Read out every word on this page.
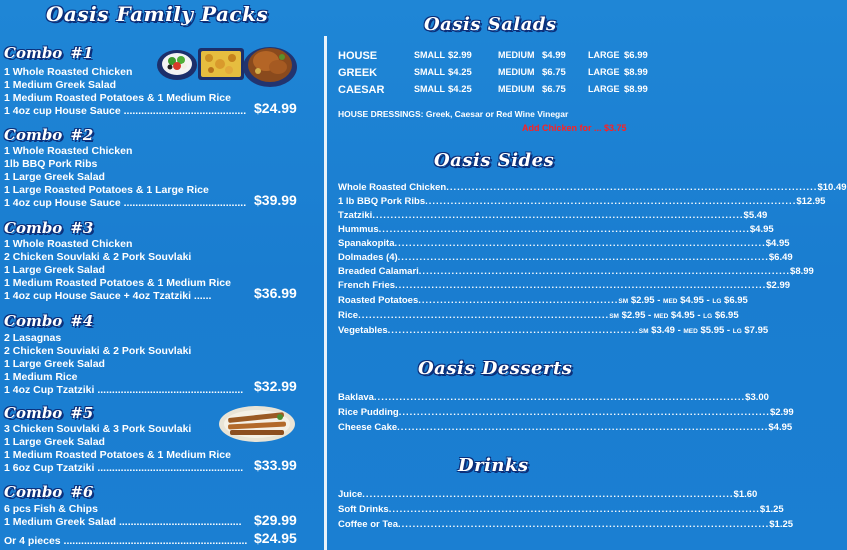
Oasis Family Packs
Combo #1
1 Whole Roasted Chicken
1 Medium Greek Salad
1 Medium Roasted Potatoes & 1 Medium Rice
1 4oz cup House Sauce .......................................... $24.99
Combo #2
1 Whole Roasted Chicken
1lb BBQ Pork Ribs
1 Large Greek Salad
1 Large Roasted Potatoes & 1 Large Rice
1 4oz cup House Sauce .......................................... $39.99
Combo #3
1 Whole Roasted Chicken
2 Chicken Souvlaki & 2 Pork Souvlaki
1 Large Greek Salad
1 Medium Roasted Potatoes & 1 Medium Rice
1 4oz cup House Sauce + 4oz Tzatziki ......	$36.99
Combo #4
2 Lasagnas
2 Chicken Souviaki & 2 Pork Souvlaki
1 Large Greek Salad
1 Medium Rice
1 4oz Cup Tzatziki .................................................. $32.99
Combo #5
3 Chicken Souvlaki & 3 Pork Souvlaki
1 Large Greek Salad
1 Medium Roasted Potatoes & 1 Medium Rice
1 6oz Cup Tzatziki .................................................. $33.99
Combo #6
6 pcs Fish & Chips
1 Medium Greek Salad .......................................... $29.99
Or 4 pieces ............................................................... $24.95
Oasis Salads
HOUSE	SMALL $2.99	MEDIUM $4.99 LARGE $6.99
GREEK	SMALL $4.25	MEDIUM $6.75 LARGE $8.99
CAESAR	SMALL $4.25	MEDIUM $6.75 LARGE $8.99
HOUSE DRESSINGS: Greek, Caesar or Red Wine Vinegar
Add Chicken for ... $3.75
Oasis Sides
Whole Roasted Chicken ...................................................................................................... $10.49
1 lb BBQ Pork Ribs ...................................................................................................... $12.95
Tzatziki ...................................................................................................... $5.49
Hummus ...................................................................................................... $4.95
Spanakopita ...................................................................................................... $4.95
Dolmades (4) ...................................................................................................... $6.49
Breaded Calamari ...................................................................................................... $8.99
French Fries ...................................................................................................... $2.99
Roasted Potatoes ....................................................... SM $2.95 - MED $4.95 - LG $6.95
Rice ..................................................................... SM $2.95 - MED $4.95 - LG $6.95
Vegetables ..................................................................... SM $3.49 - MED $5.95 - LG $7.95
Oasis Desserts
Baklava ...................................................................................................... $3.00
Rice Pudding ...................................................................................................... $2.99
Cheese Cake ...................................................................................................... $4.95
Drinks
Juice ...................................................................................................... $1.60
Soft Drinks ...................................................................................................... $1.25
Coffee or Tea ...................................................................................................... $1.25
